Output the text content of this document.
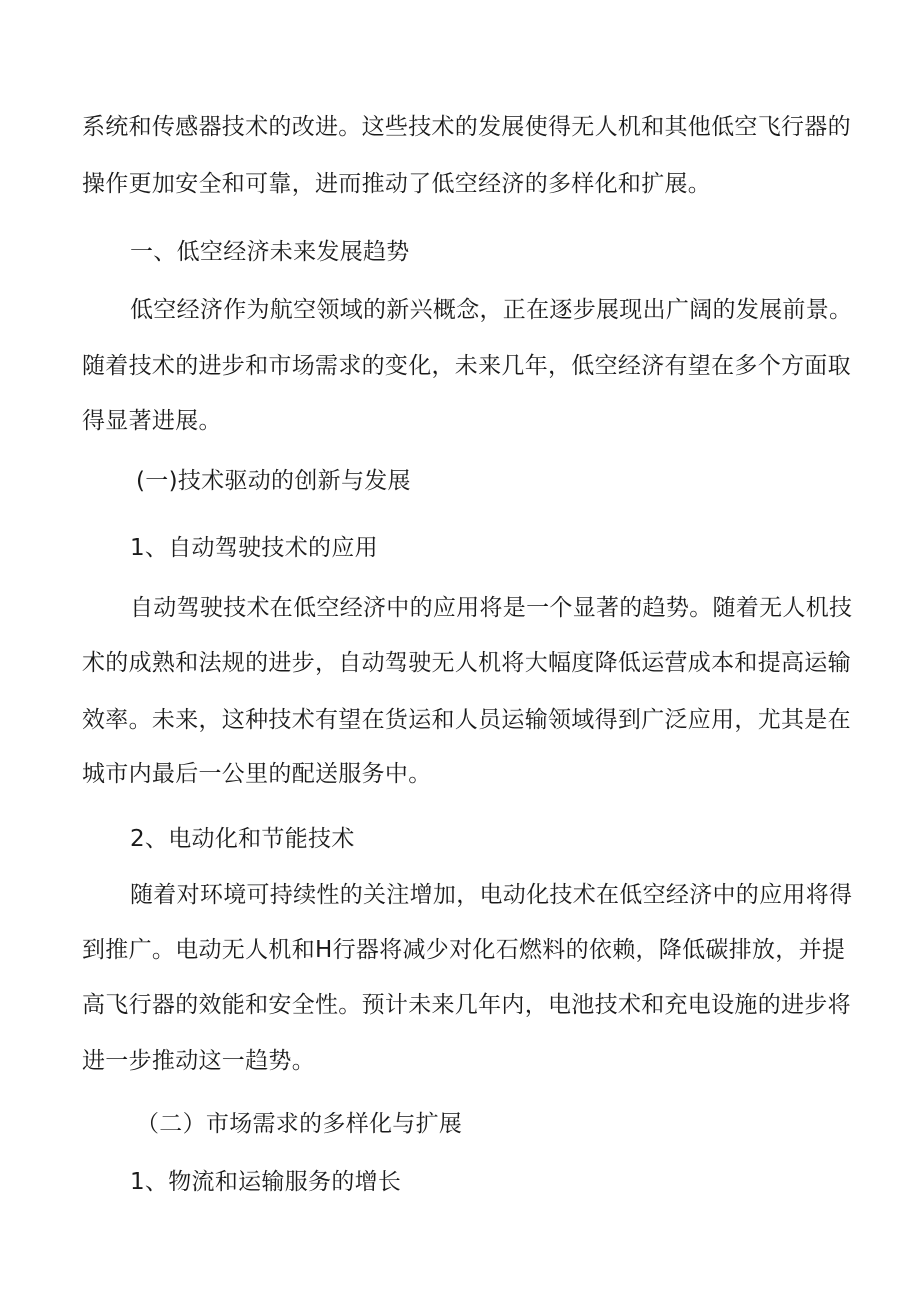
系统和传感器技术的改进。这些技术的发展使得无人机和其他低空飞行器的
操作更加安全和可靠，进而推动了低空经济的多样化和扩展。
一、低空经济未来发展趋势
低空经济作为航空领域的新兴概念，正在逐步展现出广阔的发展前景。
随着技术的进步和市场需求的变化，未来几年，低空经济有望在多个方面取
得显著进展。
(一)技术驱动的创新与发展
1、自动驾驶技术的应用
自动驾驶技术在低空经济中的应用将是一个显著的趋势。随着无人机技
术的成熟和法规的进步，自动驾驶无人机将大幅度降低运营成本和提高运输
效率。未来，这种技术有望在货运和人员运输领域得到广泛应用，尤其是在
城市内最后一公里的配送服务中。
2、电动化和节能技术
随着对环境可持续性的关注增加，电动化技术在低空经济中的应用将得
到推广。电动无人机和H行器将减少对化石燃料的依赖，降低碳排放，并提
高飞行器的效能和安全性。预计未来几年内，电池技术和充电设施的进步将
进一步推动这一趋势。
（二）市场需求的多样化与扩展
1、物流和运输服务的增长
